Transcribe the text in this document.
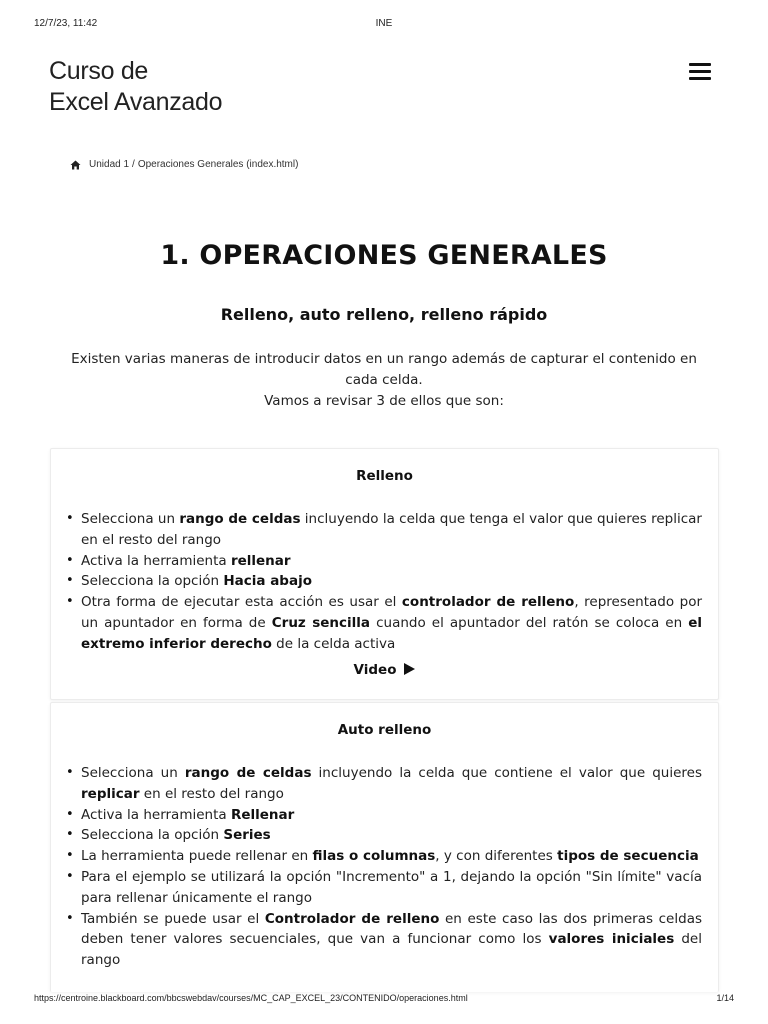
12/7/23, 11:42	INE
Curso de
Excel Avanzado
Unidad 1 / Operaciones Generales (index.html)
1. OPERACIONES GENERALES
Relleno, auto relleno, relleno rápido

Existen varias maneras de introducir datos en un rango además de capturar el contenido en cada celda.

Vamos a revisar 3 de ellos que son:

Relleno
• Selecciona un rango de celdas incluyendo la celda que tenga el valor que quieres replicar en el resto del rango
• Activa la herramienta rellenar
• Selecciona la opción Hacia abajo
• Otra forma de ejecutar esta acción es usar el controlador de relleno, representado por un apuntador en forma de Cruz sencilla cuando el apuntador del ratón se coloca en el extremo inferior derecho de la celda activa
Video
Auto relleno
• Selecciona un rango de celdas incluyendo la celda que contiene el valor que quieres replicar en el resto del rango
• Activa la herramienta Rellenar
• Selecciona la opción Series
• La herramienta puede rellenar en filas o columnas, y con diferentes tipos de secuencia
• Para el ejemplo se utilizará la opción "Incremento" a 1, dejando la opción "Sin límite" vacía para rellenar únicamente el rango
• También se puede usar el Controlador de relleno en este caso las dos primeras celdas deben tener valores secuenciales, que van a funcionar como los valores iniciales del rango
https://centroine.blackboard.com/bbcswebdav/courses/MC_CAP_EXCEL_23/CONTENIDO/operaciones.html	1/14
